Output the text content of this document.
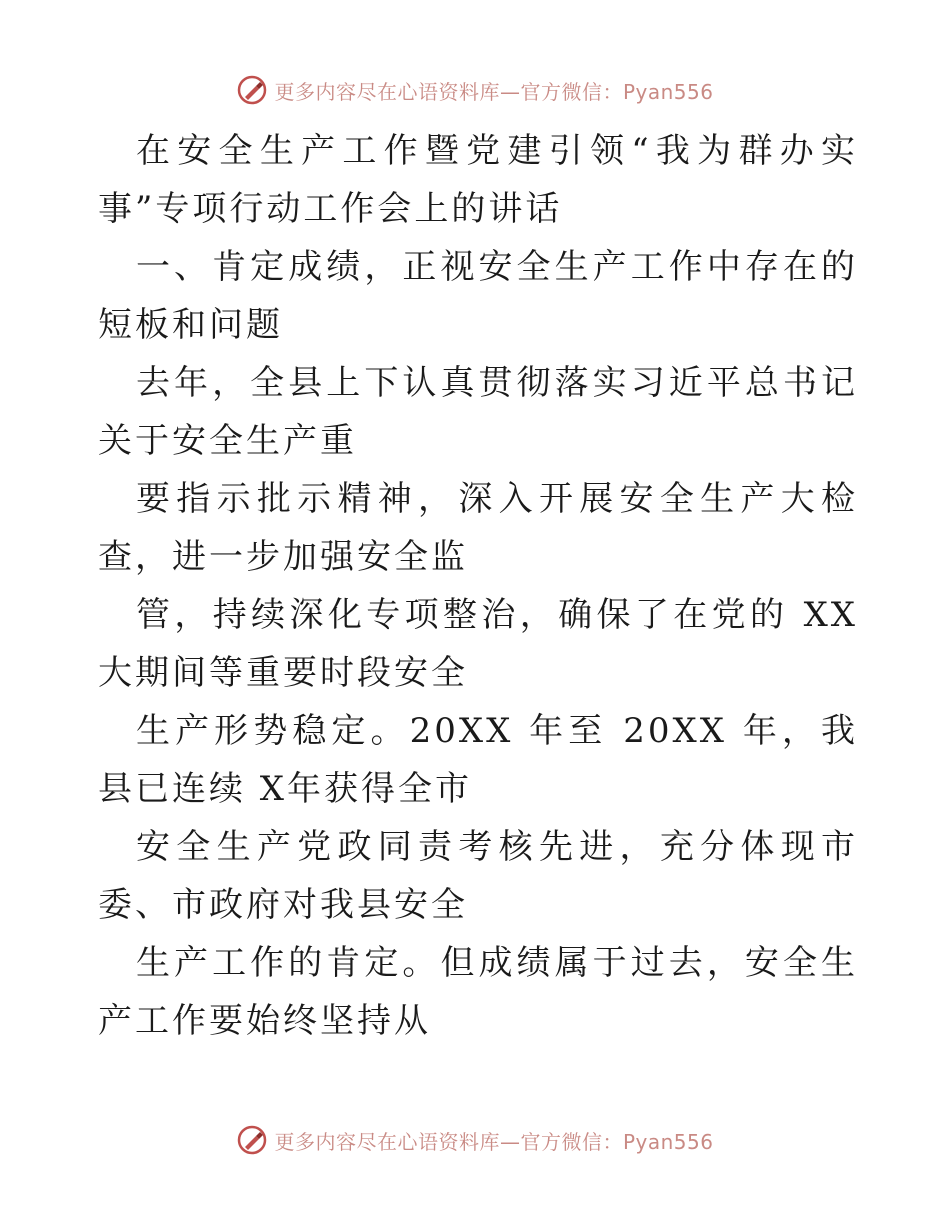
更多内容尽在心语资料库—官方微信：Pyan556

在安全生产工作暨党建引领“我为群办实事”专项行动工作会上的讲话

一、肯定成绩，正视安全生产工作中存在的短板和问题

去年，全县上下认真贯彻落实习近平总书记关于安全生产重

要指示批示精神，深入开展安全生产大检查，进一步加强安全监

管，持续深化专项整治，确保了在党的 XX 大期间等重要时段安全

生产形势稳定。20XX 年至 20XX 年，我县已连续 X年获得全市

安全生产党政同责考核先进，充分体现市委、市政府对我县安全

生产工作的肯定。但成绩属于过去，安全生产工作要始终坚持从

更多内容尽在心语资料库—官方微信：Pyan556
